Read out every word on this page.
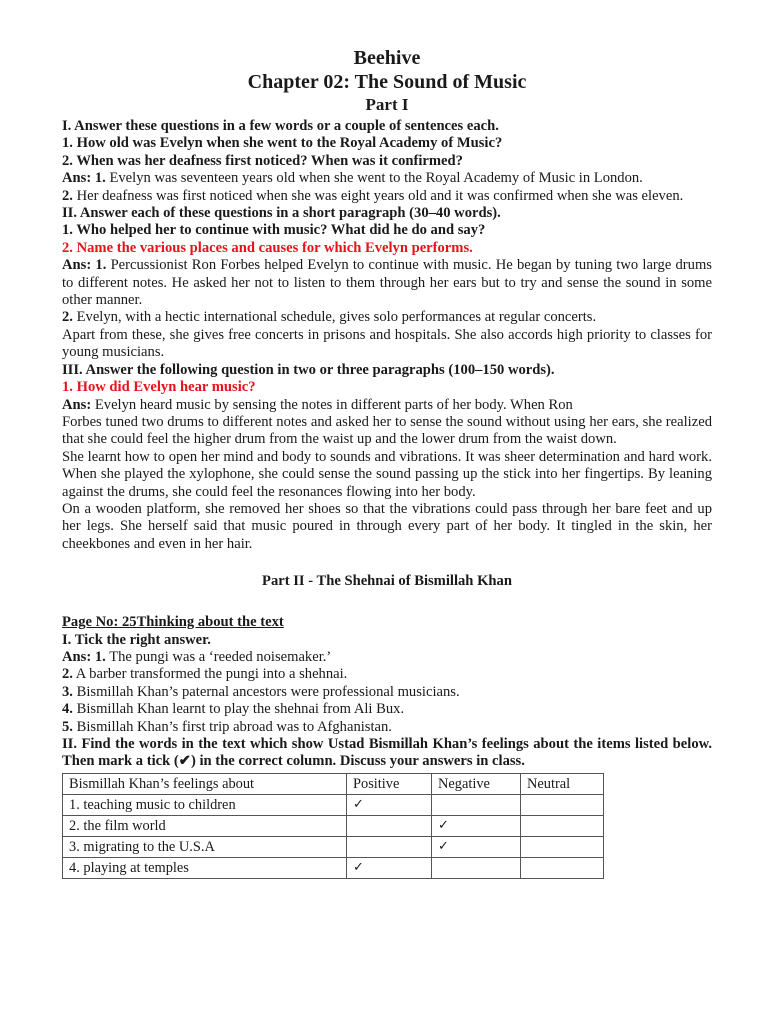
Beehive
Chapter 02: The Sound of Music
Part I

I. Answer these questions in a few words or a couple of sentences each.

1. How old was Evelyn when she went to the Royal Academy of Music?

2. When was her deafness first noticed? When was it confirmed?

Ans: 1. Evelyn was seventeen years old when she went to the Royal Academy of Music in London.

2. Her deafness was first noticed when she was eight years old and it was confirmed when she was eleven.

II. Answer each of these questions in a short paragraph (30–40 words).

1. Who helped her to continue with music? What did he do and say?

2. Name the various places and causes for which Evelyn performs.

Ans: 1. Percussionist Ron Forbes helped Evelyn to continue with music. He began by tuning two large drums to different notes. He asked her not to listen to them through her ears but to try and sense the sound in some other manner.

2. Evelyn, with a hectic international schedule, gives solo performances at regular concerts.

Apart from these, she gives free concerts in prisons and hospitals. She also accords high priority to classes for young musicians.

III. Answer the following question in two or three paragraphs (100–150 words).

1. How did Evelyn hear music?

Ans: Evelyn heard music by sensing the notes in different parts of her body. When Ron

Forbes tuned two drums to different notes and asked her to sense the sound without using her ears, she realized that she could feel the higher drum from the waist up and the lower drum from the waist down.

She learnt how to open her mind and body to sounds and vibrations. It was sheer determination and hard work. When she played the xylophone, she could sense the sound passing up the stick into her fingertips. By leaning against the drums, she could feel the resonances flowing into her body.

On a wooden platform, she removed her shoes so that the vibrations could pass through her bare feet and up her legs. She herself said that music poured in through every part of her body. It tingled in the skin, her cheekbones and even in her hair.

Part II - The Shehnai of Bismillah Khan

Page No: 25Thinking about the text

I. Tick the right answer.

Ans: 1. The pungi was a ‘reeded noisemaker.’

2. A barber transformed the pungi into a shehnai.

3. Bismillah Khan’s paternal ancestors were professional musicians.

4. Bismillah Khan learnt to play the shehnai from Ali Bux.

5. Bismillah Khan’s first trip abroad was to Afghanistan.

II. Find the words in the text which show Ustad Bismillah Khan’s feelings about the items listed below. Then mark a tick (✔) in the correct column. Discuss your answers in class.

Bismillah Khan’s feelings about	Positive	Negative	Neutral
1. teaching music to children	✓		
2. the film world		✓	
3. migrating to the U.S.A		✓	
4. playing at temples	✓		
